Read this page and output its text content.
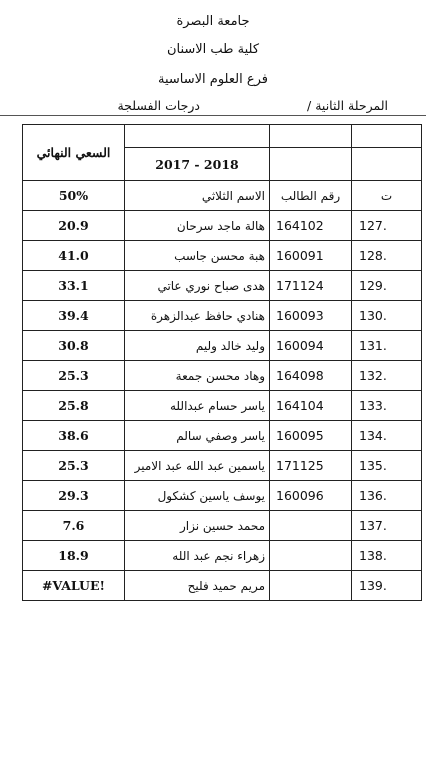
جامعة البصرة
كلية طب الاسنان
فرع العلوم الاساسية
المرحلة الثانية /
درجات الفسلجة
السعي النهائي			
	2017 - 2018		
50%	الاسم الثلاثي	رقم الطالب	ت
20.9	هالة ماجد سرحان	164102	127.
41.0	هبة محسن جاسب	160091	128.
33.1	هدى صباح نوري عاتي	171124	129.
39.4	هنادي حافظ عبدالزهرة	160093	130.
30.8	وليد خالد وليم	160094	131.
25.3	وهاد محسن جمعة	164098	132.
25.8	ياسر حسام عبدالله	164104	133.
38.6	ياسر وصفي سالم	160095	134.
25.3	ياسمين عبد الله عبد الامير	171125	135.
29.3	يوسف ياسين كشكول	160096	136.
7.6	محمد حسين نزار		137.
18.9	زهراء نجم عبد الله		138.
#VALUE!	مريم حميد فليح		139.
